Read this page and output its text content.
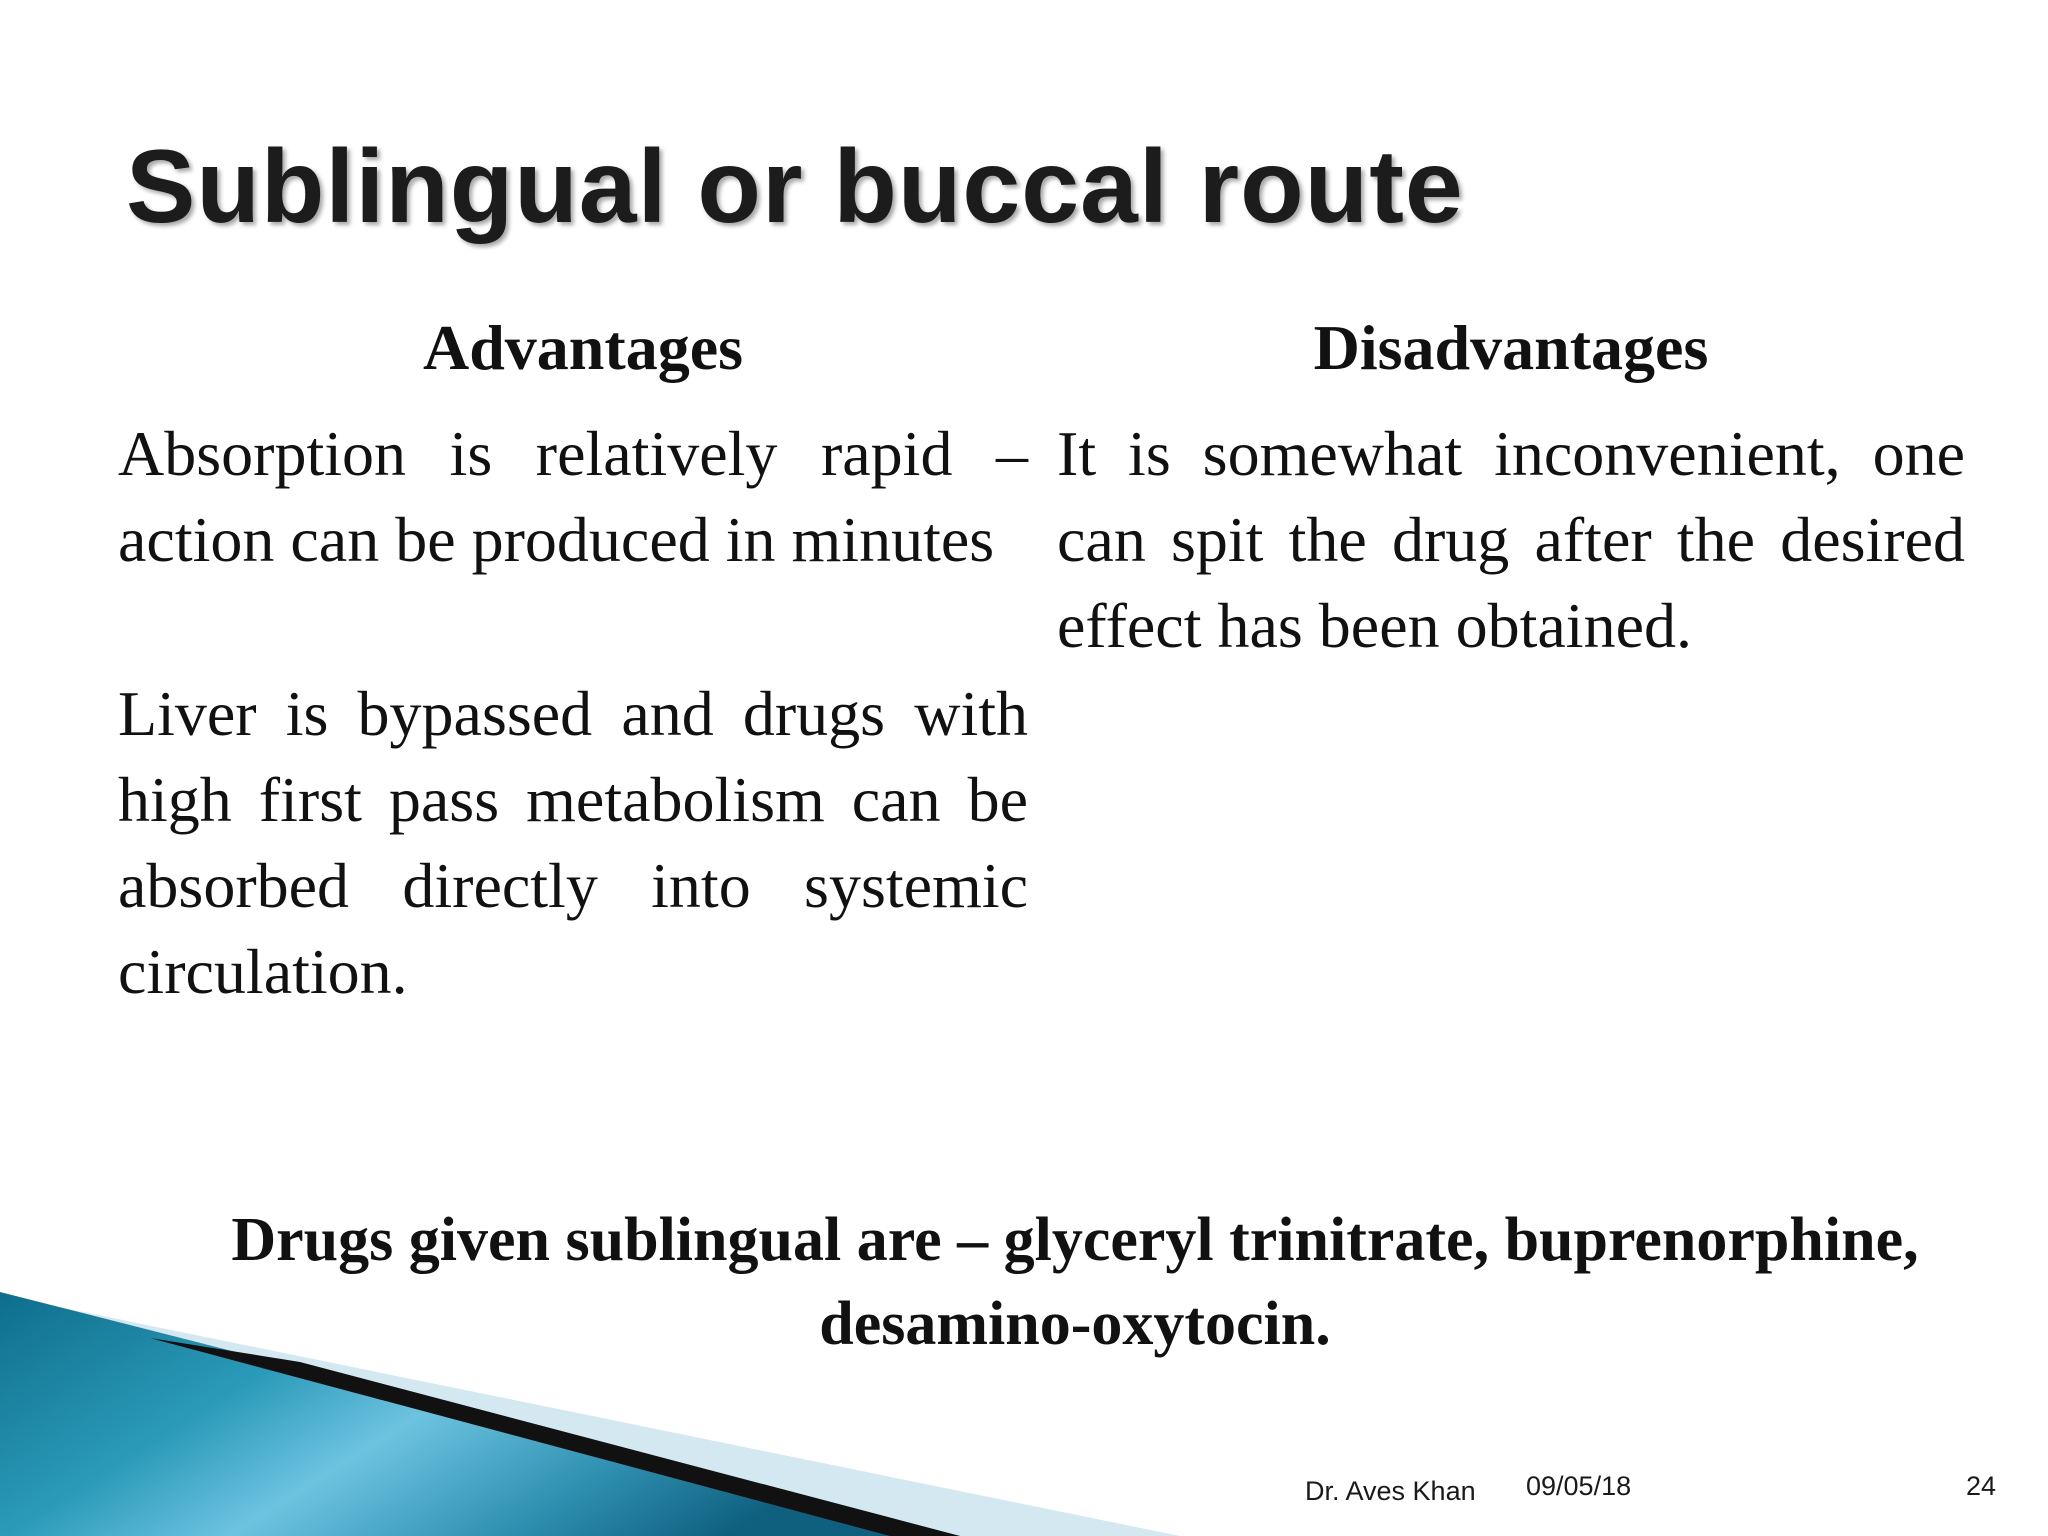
Sublingual or buccal route
Advantages

Absorption is relatively rapid – action can be produced in minutes

Liver is bypassed and drugs with high first pass metabolism can be absorbed directly into systemic circulation.

Disadvantages

It is somewhat inconvenient, one can spit the drug after the desired effect has been obtained.

Drugs given sublingual are – glyceryl trinitrate, buprenorphine,
desamino-oxytocin.
Dr. Aves Khan 09/05/18	24
